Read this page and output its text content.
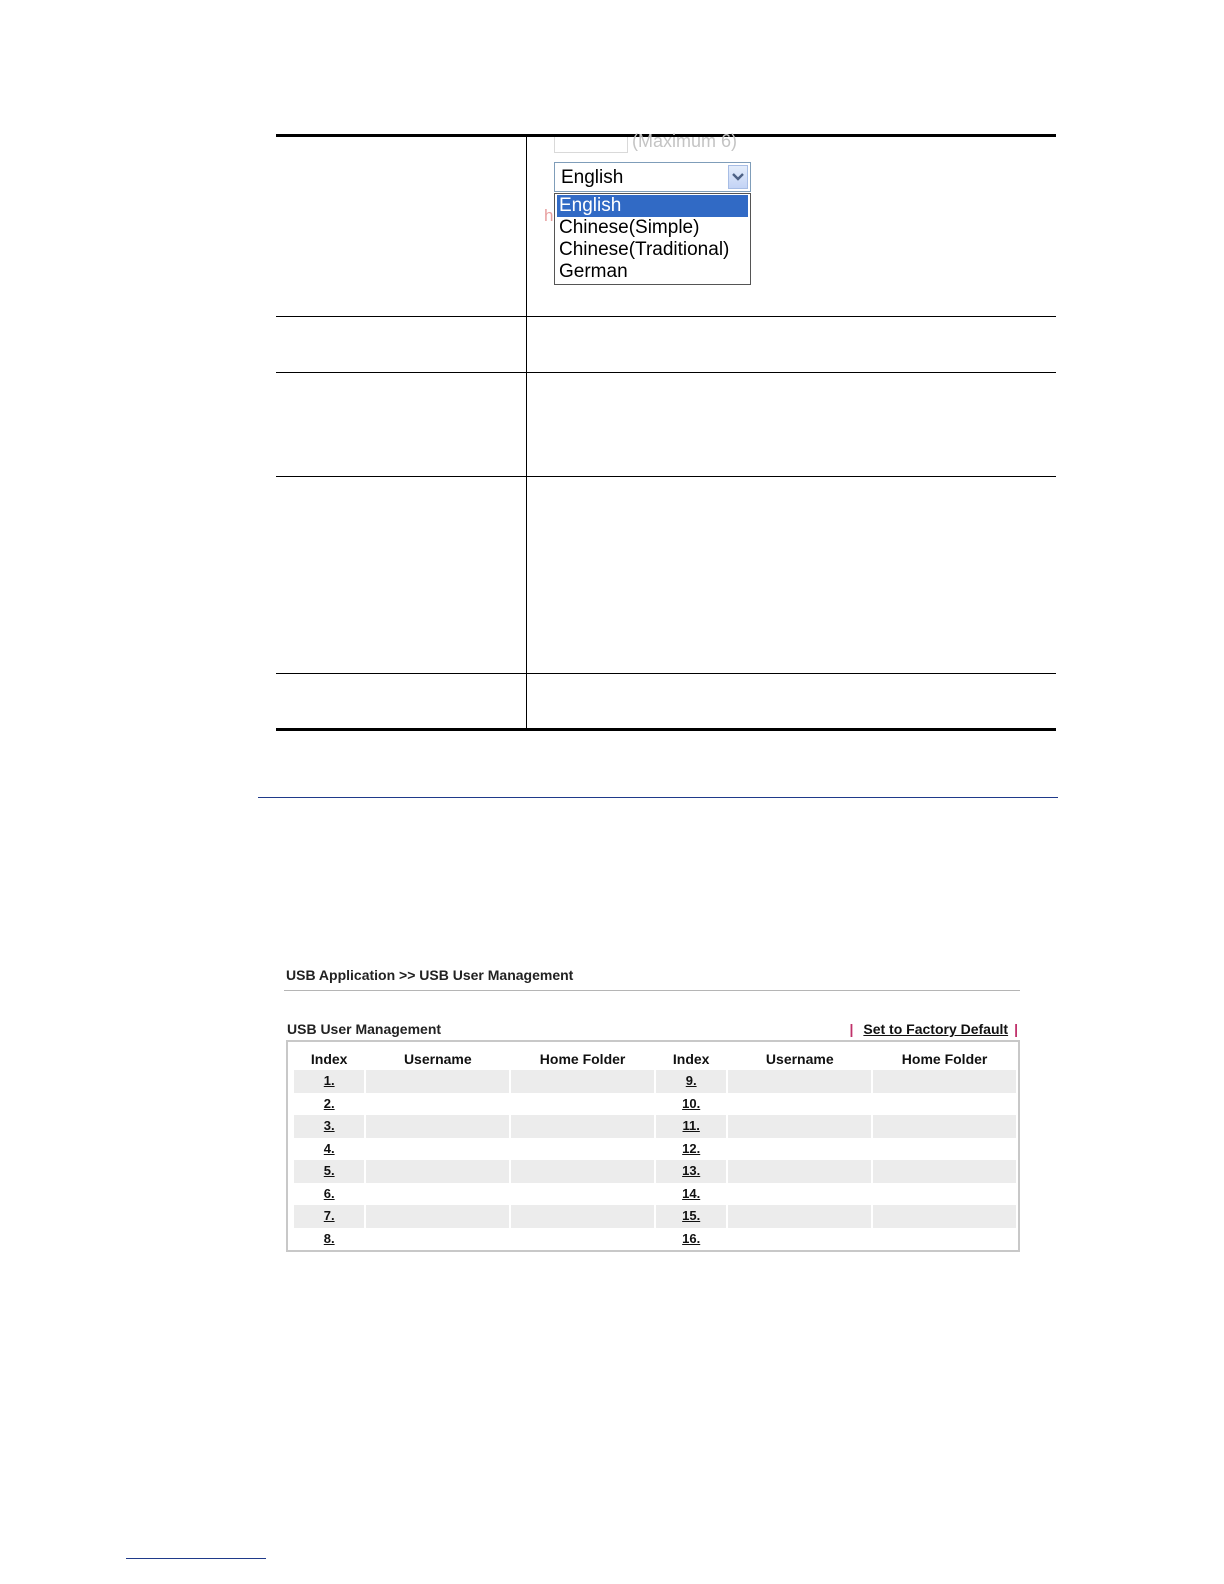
(Maximum 6)
English
h English
Chinese(Simple)
Chinese(Traditional)
German
USB Application >> USB User Management
USB User Management	| Set to Factory Default |
Index	Username	Home Folder	Index	Username	Home Folder
1.			9.		
2.			10.		
3.			11.		
4.			12.		
5.			13.		
6.			14.		
7.			15.		
8.			16.		
